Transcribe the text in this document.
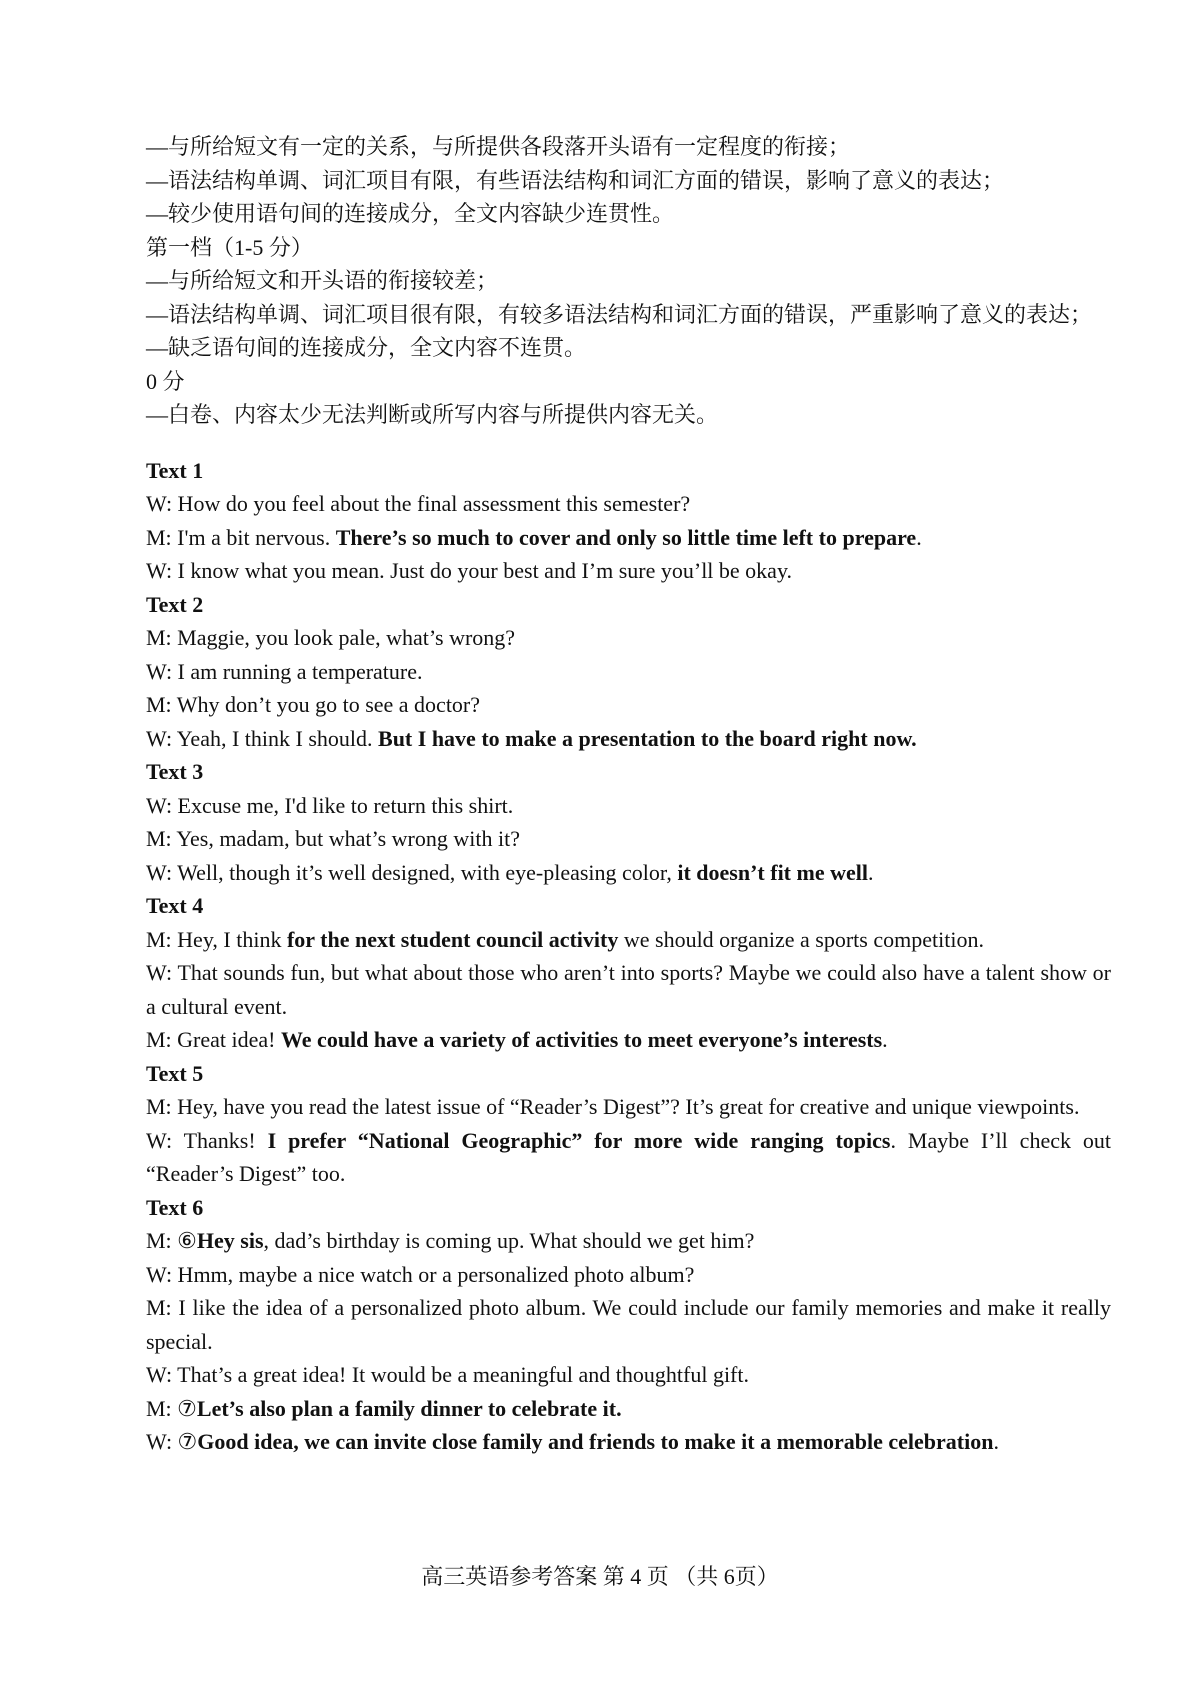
—与所给短文有一定的关系，与所提供各段落开头语有一定程度的衔接；
—语法结构单调、词汇项目有限，有些语法结构和词汇方面的错误，影响了意义的表达；
—较少使用语句间的连接成分，全文内容缺少连贯性。
第一档（1-5 分）
—与所给短文和开头语的衔接较差；
—语法结构单调、词汇项目很有限，有较多语法结构和词汇方面的错误，严重影响了意义的表达；
—缺乏语句间的连接成分，全文内容不连贯。
0 分
—白卷、内容太少无法判断或所写内容与所提供内容无关。
Text 1
W: How do you feel about the final assessment this semester?
M: I'm a bit nervous. There’s so much to cover and only so little time left to prepare.
W: I know what you mean. Just do your best and I’m sure you’ll be okay.
Text 2
M: Maggie, you look pale, what’s wrong?
W: I am running a temperature.
M: Why don’t you go to see a doctor?
W: Yeah, I think I should. But I have to make a presentation to the board right now.
Text 3
W: Excuse me, I'd like to return this shirt.
M: Yes, madam, but what’s wrong with it?
W: Well, though it’s well designed, with eye-pleasing color, it doesn’t fit me well.
Text 4
M: Hey, I think for the next student council activity we should organize a sports competition.
W: That sounds fun, but what about those who aren’t into sports? Maybe we could also have a talent show or a cultural event.
M: Great idea! We could have a variety of activities to meet everyone’s interests.
Text 5
M: Hey, have you read the latest issue of “Reader’s Digest”? It’s great for creative and unique viewpoints.
W: Thanks! I prefer “National Geographic” for more wide ranging topics. Maybe I’ll check out “Reader’s Digest” too.
Text 6
M: ⑥Hey sis, dad’s birthday is coming up. What should we get him?
W: Hmm, maybe a nice watch or a personalized photo album?
M: I like the idea of a personalized photo album. We could include our family memories and make it really special.
W: That’s a great idea! It would be a meaningful and thoughtful gift.
M: ⑦Let’s also plan a family dinner to celebrate it.
W: ⑦Good idea, we can invite close family and friends to make it a memorable celebration.
高三英语参考答案 第 4 页 （共 6页）
